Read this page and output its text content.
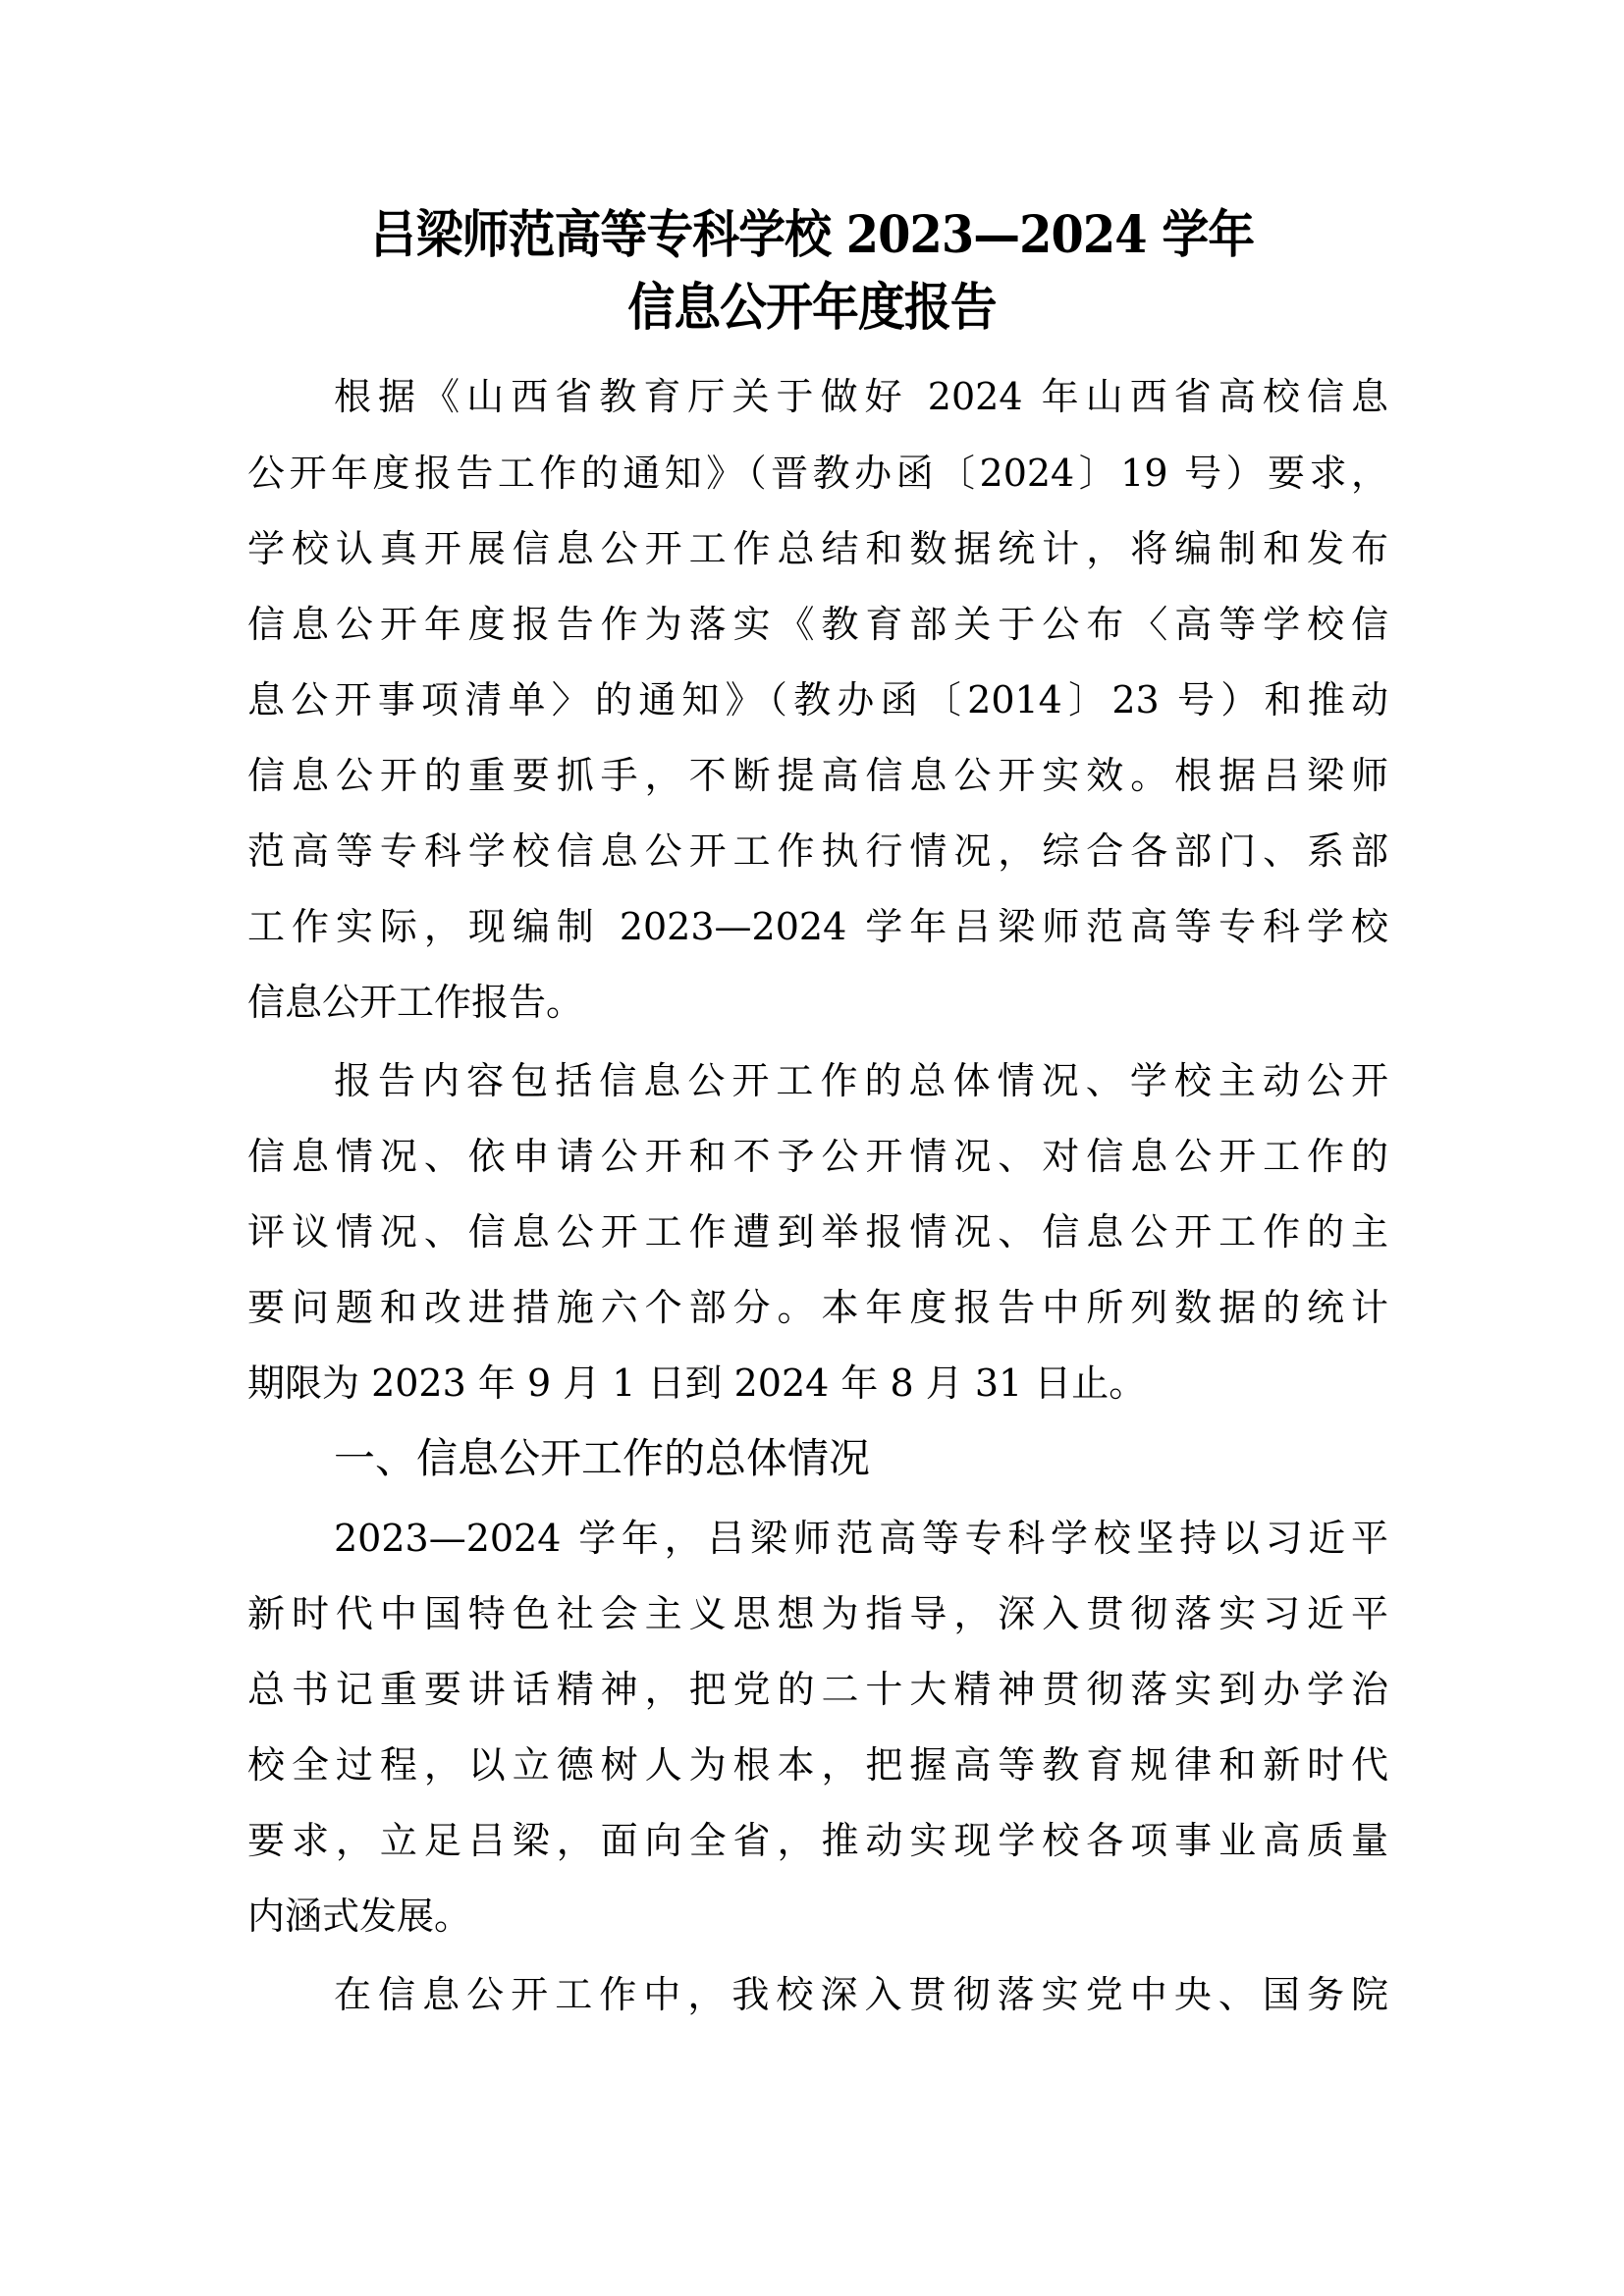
吕梁师范高等专科学校 2023—2024 学年
信息公开年度报告
根据《山西省教育厅关于做好 2024 年山西省高校信息
公开年度报告工作的通知》（晋教办函〔2024〕19 号）要求，
学校认真开展信息公开工作总结和数据统计，将编制和发布
信息公开年度报告作为落实《教育部关于公布〈高等学校信
息公开事项清单〉的通知》（教办函〔2014〕23 号）和推动
信息公开的重要抓手，不断提高信息公开实效。根据吕梁师
范高等专科学校信息公开工作执行情况，综合各部门、系部
工作实际，现编制 2023—2024 学年吕梁师范高等专科学校
信息公开工作报告。
报告内容包括信息公开工作的总体情况、学校主动公开
信息情况、依申请公开和不予公开情况、对信息公开工作的
评议情况、信息公开工作遭到举报情况、信息公开工作的主
要问题和改进措施六个部分。本年度报告中所列数据的统计
期限为 2023 年 9 月 1 日到 2024 年 8 月 31 日止。
一、信息公开工作的总体情况
2023—2024 学年，吕梁师范高等专科学校坚持以习近平
新时代中国特色社会主义思想为指导，深入贯彻落实习近平
总书记重要讲话精神，把党的二十大精神贯彻落实到办学治
校全过程，以立德树人为根本，把握高等教育规律和新时代
要求，立足吕梁，面向全省，推动实现学校各项事业高质量
内涵式发展。
在信息公开工作中，我校深入贯彻落实党中央、国务院
